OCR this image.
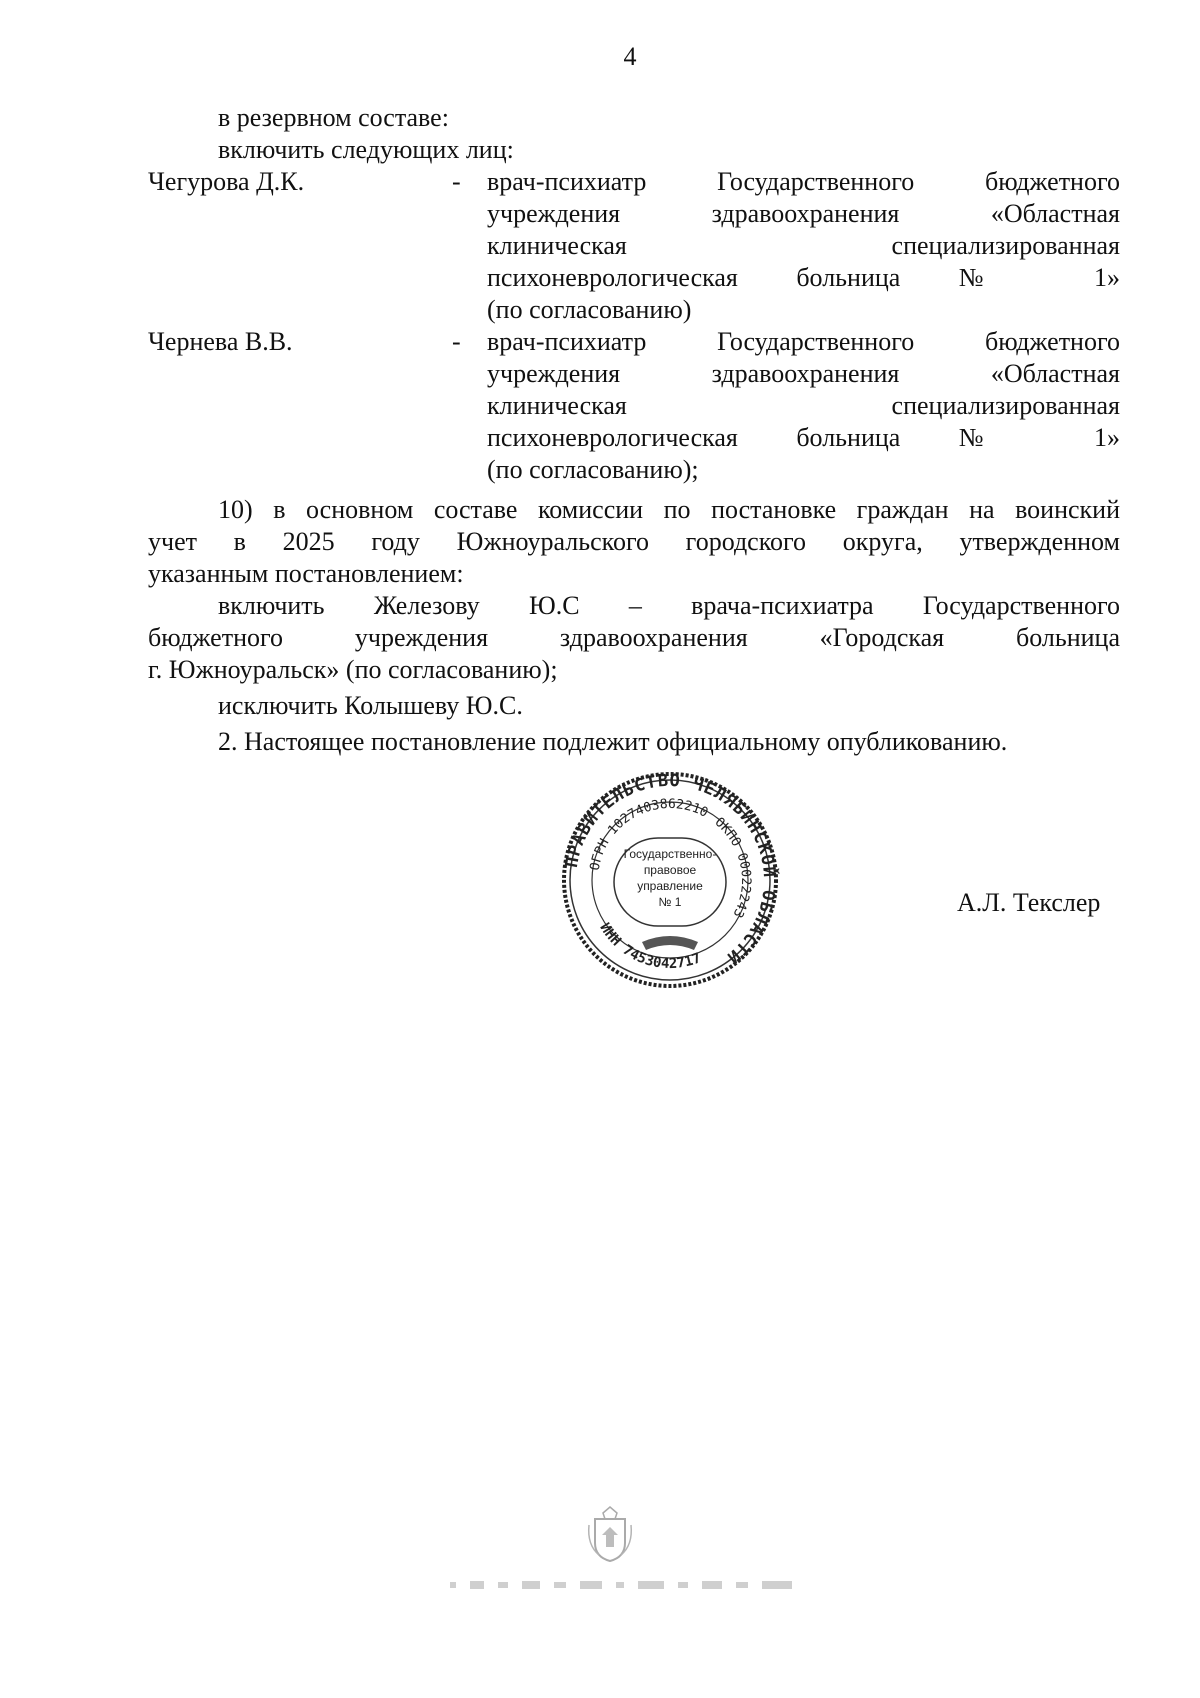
4
в резервном составе:
включить следующих лиц:
Чегурова Д.К.	- врач-психиатр Государственного бюджетного
учреждения здравоохранения «Областная
клиническая специализированная
психоневрологическая больница № 1»
(по согласованию)
Чернева В.В.	- врач-психиатр Государственного бюджетного
учреждения здравоохранения «Областная
клиническая специализированная
психоневрологическая больница № 1»
(по согласованию);
10) в основном составе комиссии по постановке граждан на воинский
учет в 2025 году Южноуральского городского округа, утвержденном
указанным постановлением:
включить Железову Ю.С – врача-психиатра Государственного
бюджетного учреждения здравоохранения «Городская больница
г. Южноуральск» (по согласованию);
исключить Колышеву Ю.С.
2. Настоящее постановление подлежит официальному опубликованию.
ПРАВИТЕЛЬСТВО ЧЕЛЯБИНСКОЙ ОБЛАСТИ
ОГРН 1027403862210
ОКПО 00022243
ИНН 7453042717
Государственно-
правовое
управление
№ 1	А.Л. Текслер
